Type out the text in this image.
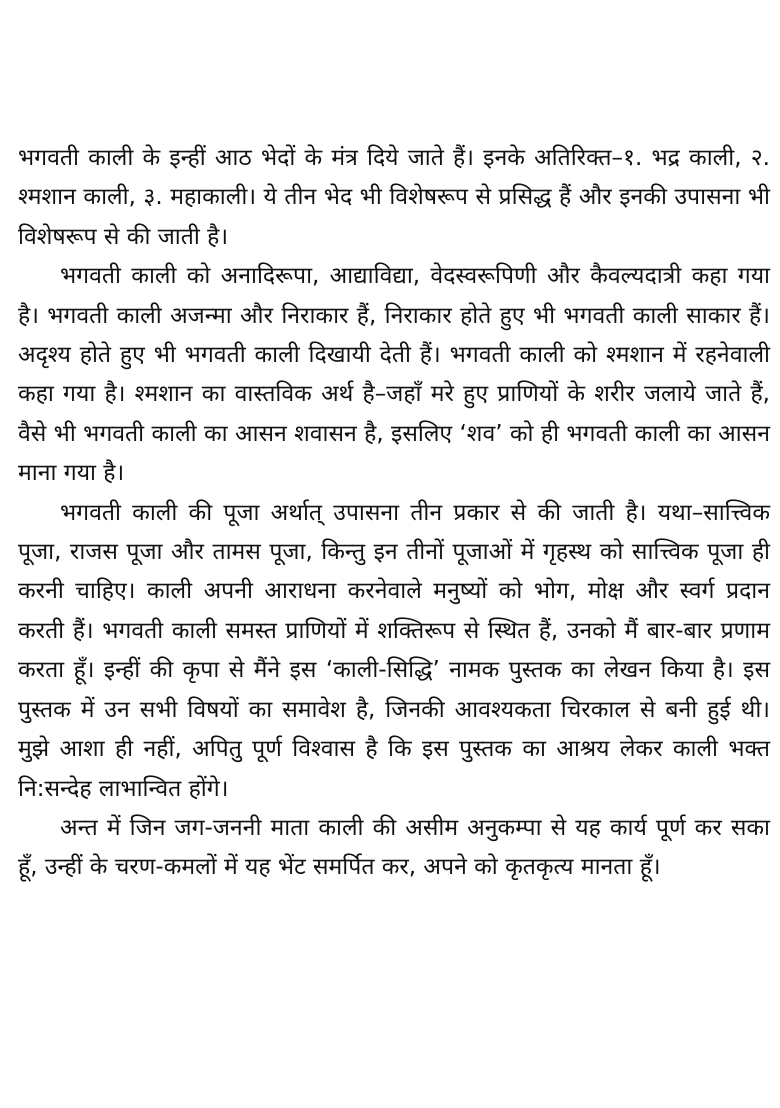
भगवती काली के इन्हीं आठ भेदों के मंत्र दिये जाते हैं। इनके अतिरिक्त–१. भद्र काली, २. श्मशान काली, ३. महाकाली। ये तीन भेद भी विशेषरूप से प्रसिद्ध हैं और इनकी उपासना भी विशेषरूप से की जाती है।

भगवती काली को अनादिरूपा, आद्याविद्या, वेदस्वरूपिणी और कैवल्यदात्री कहा गया है। भगवती काली अजन्मा और निराकार हैं, निराकार होते हुए भी भगवती काली साकार हैं। अदृश्य होते हुए भी भगवती काली दिखायी देती हैं। भगवती काली को श्मशान में रहनेवाली कहा गया है। श्मशान का वास्तविक अर्थ है–जहाँ मरे हुए प्राणियों के शरीर जलाये जाते हैं, वैसे भी भगवती काली का आसन शवासन है, इसलिए ‘शव’ को ही भगवती काली का आसन माना गया है।

भगवती काली की पूजा अर्थात् उपासना तीन प्रकार से की जाती है। यथा–सात्त्विक पूजा, राजस पूजा और तामस पूजा, किन्तु इन तीनों पूजाओं में गृहस्थ को सात्त्विक पूजा ही करनी चाहिए। काली अपनी आराधना करनेवाले मनुष्यों को भोग, मोक्ष और स्वर्ग प्रदान करती हैं। भगवती काली समस्त प्राणियों में शक्तिरूप से स्थित हैं, उनको मैं बार-बार प्रणाम करता हूँ। इन्हीं की कृपा से मैंने इस ‘काली-सिद्धि’ नामक पुस्तक का लेखन किया है। इस पुस्तक में उन सभी विषयों का समावेश है, जिनकी आवश्यकता चिरकाल से बनी हुई थी। मुझे आशा ही नहीं, अपितु पूर्ण विश्वास है कि इस पुस्तक का आश्रय लेकर काली भक्त नि:सन्देह लाभान्वित होंगे।

अन्त में जिन जग-जननी माता काली की असीम अनुकम्पा से यह कार्य पूर्ण कर सका हूँ, उन्हीं के चरण-कमलों में यह भेंट समर्पित कर, अपने को कृतकृत्य मानता हूँ।
